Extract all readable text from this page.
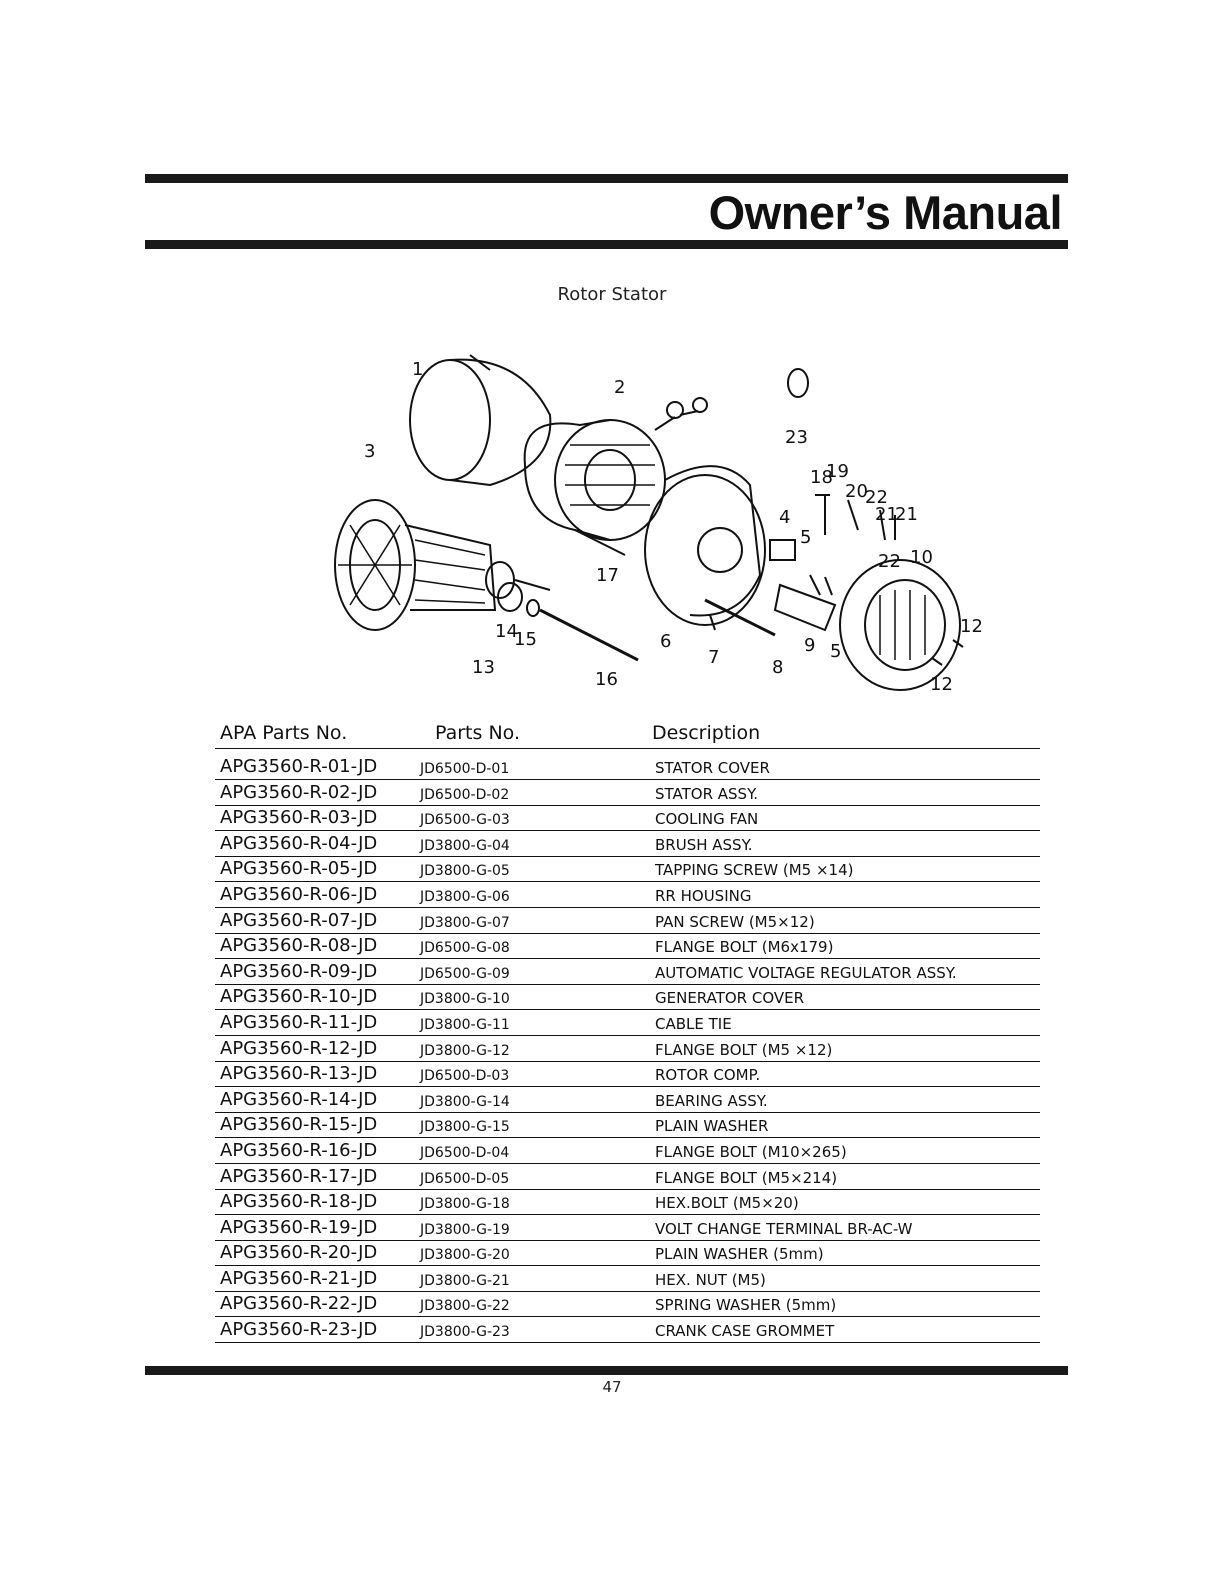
Owner’s Manual
Rotor Stator
1
2
3
23
18
19
20
22
21
21
4
5
22 10
17
6
7	8
9 5
12
12
14
15
13
16
APA Parts No.	Parts No.	Description
APG3560-R-01-JD	JD6500-D-01	STATOR COVER
APG3560-R-02-JD	JD6500-D-02	STATOR ASSY.
APG3560-R-03-JD	JD6500-G-03	COOLING FAN
APG3560-R-04-JD	JD3800-G-04	BRUSH ASSY.
APG3560-R-05-JD	JD3800-G-05	TAPPING SCREW (M5 ×14)
APG3560-R-06-JD	JD3800-G-06	RR HOUSING
APG3560-R-07-JD	JD3800-G-07	PAN SCREW (M5×12)
APG3560-R-08-JD	JD6500-G-08	FLANGE BOLT (M6x179)
APG3560-R-09-JD	JD6500-G-09	AUTOMATIC VOLTAGE REGULATOR ASSY.
APG3560-R-10-JD	JD3800-G-10	GENERATOR COVER
APG3560-R-11-JD	JD3800-G-11	CABLE TIE
APG3560-R-12-JD	JD3800-G-12	FLANGE BOLT (M5 ×12)
APG3560-R-13-JD	JD6500-D-03	ROTOR COMP.
APG3560-R-14-JD	JD3800-G-14	BEARING ASSY.
APG3560-R-15-JD	JD3800-G-15	PLAIN WASHER
APG3560-R-16-JD	JD6500-D-04	FLANGE BOLT (M10×265)
APG3560-R-17-JD	JD6500-D-05	FLANGE BOLT (M5×214)
APG3560-R-18-JD	JD3800-G-18	HEX.BOLT (M5×20)
APG3560-R-19-JD	JD3800-G-19	VOLT CHANGE TERMINAL BR-AC-W
APG3560-R-20-JD	JD3800-G-20	PLAIN WASHER (5mm)
APG3560-R-21-JD	JD3800-G-21	HEX. NUT (M5)
APG3560-R-22-JD	JD3800-G-22	SPRING WASHER (5mm)
APG3560-R-23-JD	JD3800-G-23	CRANK CASE GROMMET
47
